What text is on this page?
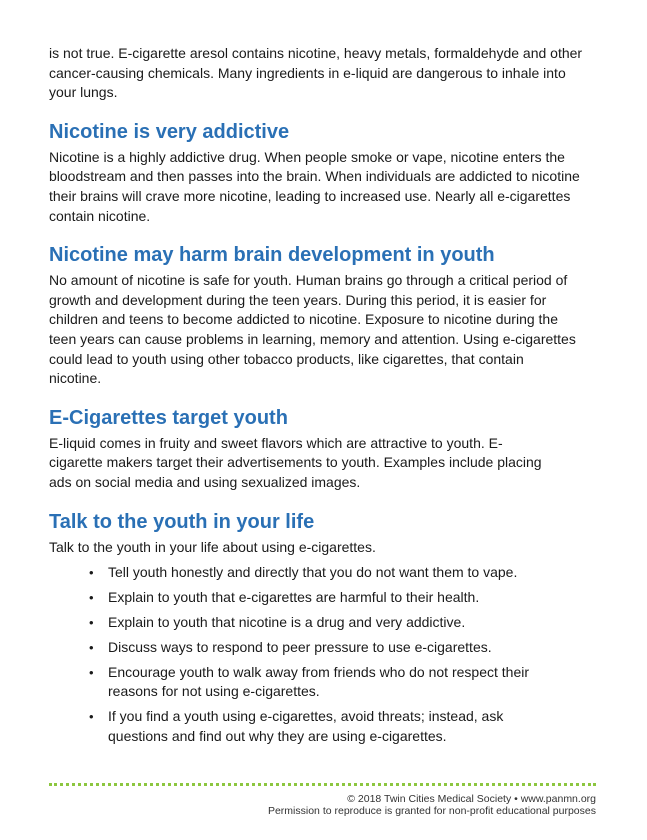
is not true. E-cigarette aresol contains nicotine, heavy metals, formaldehyde and other cancer-causing chemicals. Many ingredients in e-liquid are dangerous to inhale into your lungs.

Nicotine is very addictive

Nicotine is a highly addictive drug. When people smoke or vape, nicotine enters the bloodstream and then passes into the brain. When individuals are addicted to nicotine their brains will crave more nicotine, leading to increased use. Nearly all e-cigarettes contain nicotine.

Nicotine may harm brain development in youth

No amount of nicotine is safe for youth. Human brains go through a critical period of growth and development during the teen years. During this period, it is easier for children and teens to become addicted to nicotine. Exposure to nicotine during the teen years can cause problems in learning, memory and attention. Using e-cigarettes could lead to youth using other tobacco products, like cigarettes, that contain nicotine.

E-Cigarettes target youth

E-liquid comes in fruity and sweet flavors which are attractive to youth. E-cigarette makers target their advertisements to youth. Examples include placing ads on social media and using sexualized images.

Talk to the youth in your life

Talk to the youth in your life about using e-cigarettes.

• Tell youth honestly and directly that you do not want them to vape.
• Explain to youth that e-cigarettes are harmful to their health.
• Explain to youth that nicotine is a drug and very addictive.
• Discuss ways to respond to peer pressure to use e-cigarettes.
• Encourage youth to walk away from friends who do not respect their reasons for not using e-cigarettes.
• If you find a youth using e-cigarettes, avoid threats; instead, ask questions and find out why they are using e-cigarettes.
© 2018 Twin Cities Medical Society • www.panmn.org
Permission to reproduce is granted for non-profit educational purposes
